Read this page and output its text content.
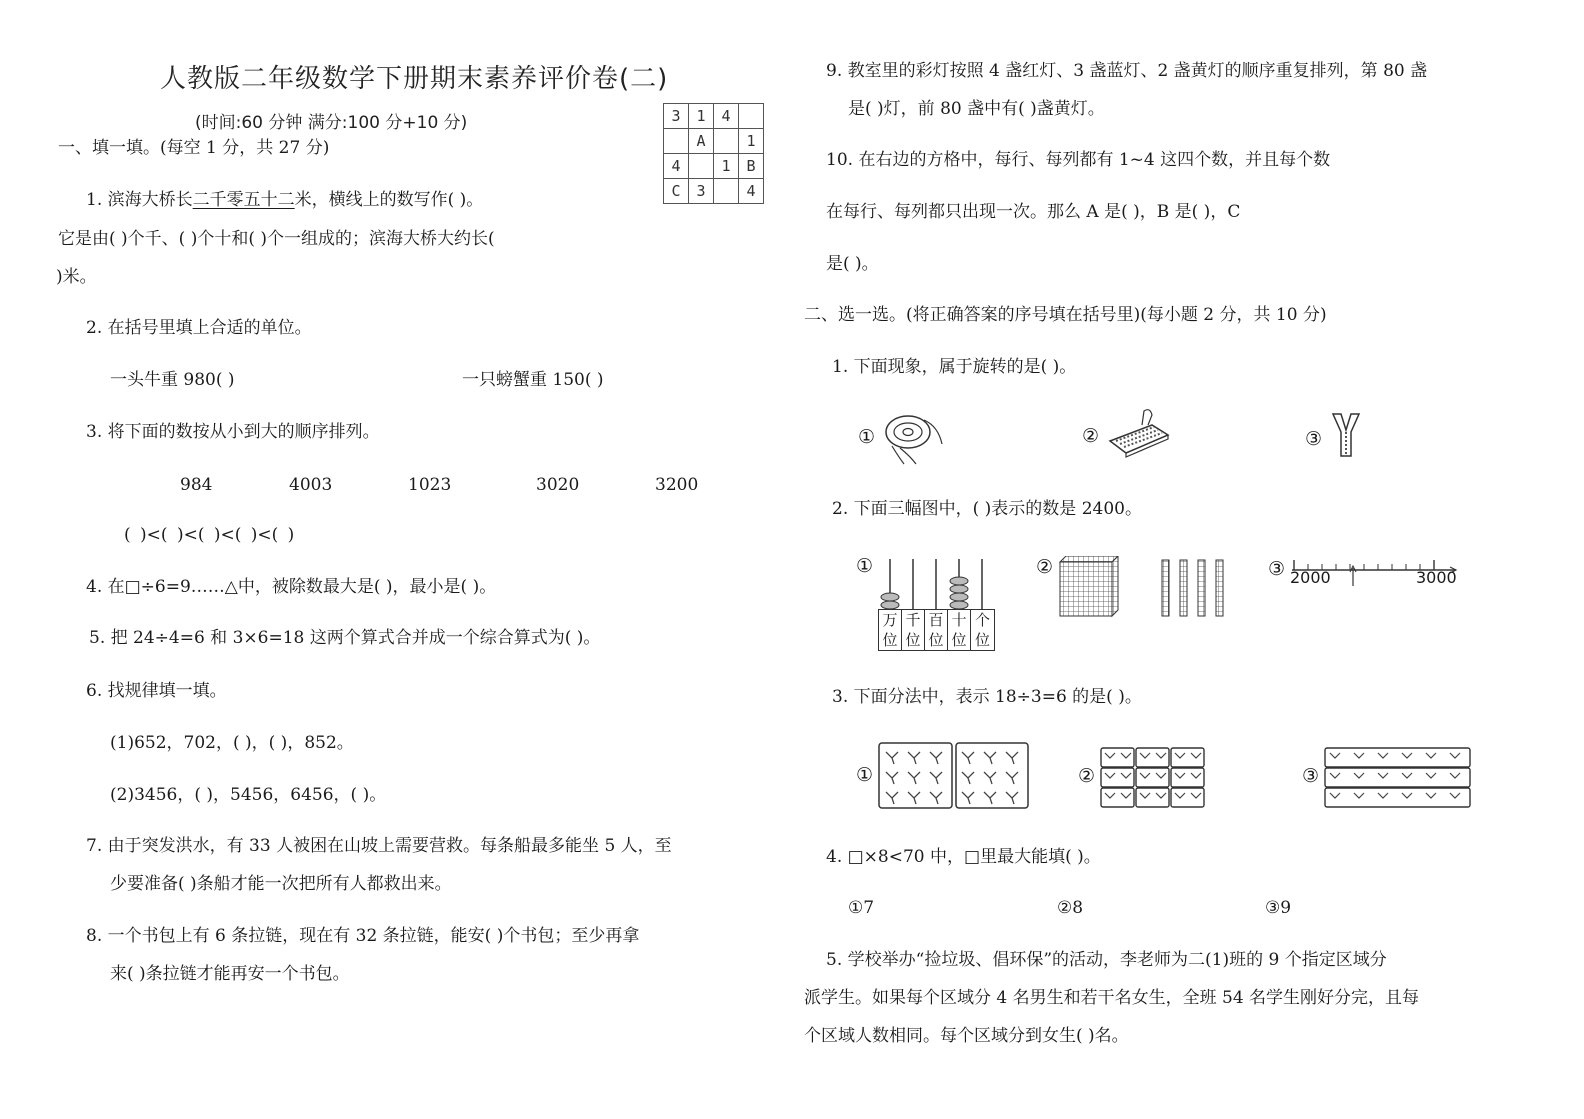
人教版二年级数学下册期末素养评价卷(二)
(时间:60 分钟 满分:100 分+10 分)	3	1	4	
	A		1
4		1	B
C	3		4
一、填一填。(每空 1 分，共 27 分)
1. 滨海大桥长二千零五十二米，横线上的数写作( )。
它是由( )个千、( )个十和( )个一组成的；滨海大桥大约长(
)米。
2. 在括号里填上合适的单位。
一头牛重 980( )	一只螃蟹重 150( )
3. 将下面的数按从小到大的顺序排列。
984	4003	1023	3020	3200
( )<( )<( )<( )<( )
4. 在□÷6=9……△中，被除数最大是( )，最小是( )。
5. 把 24÷4=6 和 3×6=18 这两个算式合并成一个综合算式为( )。
6. 找规律填一填。
(1)652，702，( )，( )，852。
(2)3456，( )，5456，6456，( )。
7. 由于突发洪水，有 33 人被困在山坡上需要营救。每条船最多能坐 5 人，至
少要准备( )条船才能一次把所有人都救出来。
8. 一个书包上有 6 条拉链，现在有 32 条拉链，能安( )个书包；至少再拿
来( )条拉链才能再安一个书包。
9. 教室里的彩灯按照 4 盏红灯、3 盏蓝灯、2 盏黄灯的顺序重复排列，第 80 盏
是( )灯，前 80 盏中有( )盏黄灯。
10. 在右边的方格中，每行、每列都有 1~4 这四个数，并且每个数
在每行、每列都只出现一次。那么 A 是( )，B 是( )，C
是( )。
二、选一选。(将正确答案的序号填在括号里)(每小题 2 分，共 10 分)
1. 下面现象，属于旋转的是( )。
①	②	③
2. 下面三幅图中，( )表示的数是 2400。
①
万
位
千
位
百
位
十
位
个
位
②	③ 2000	3000
3. 下面分法中，表示 18÷3=6 的是( )。
①	②	③
4. □×8<70 中，□里最大能填( )。
①7	②8	③9
5. 学校举办“捡垃圾、倡环保”的活动，李老师为二(1)班的 9 个指定区域分
派学生。如果每个区域分 4 名男生和若干名女生，全班 54 名学生刚好分完，且每
个区域人数相同。每个区域分到女生( )名。
